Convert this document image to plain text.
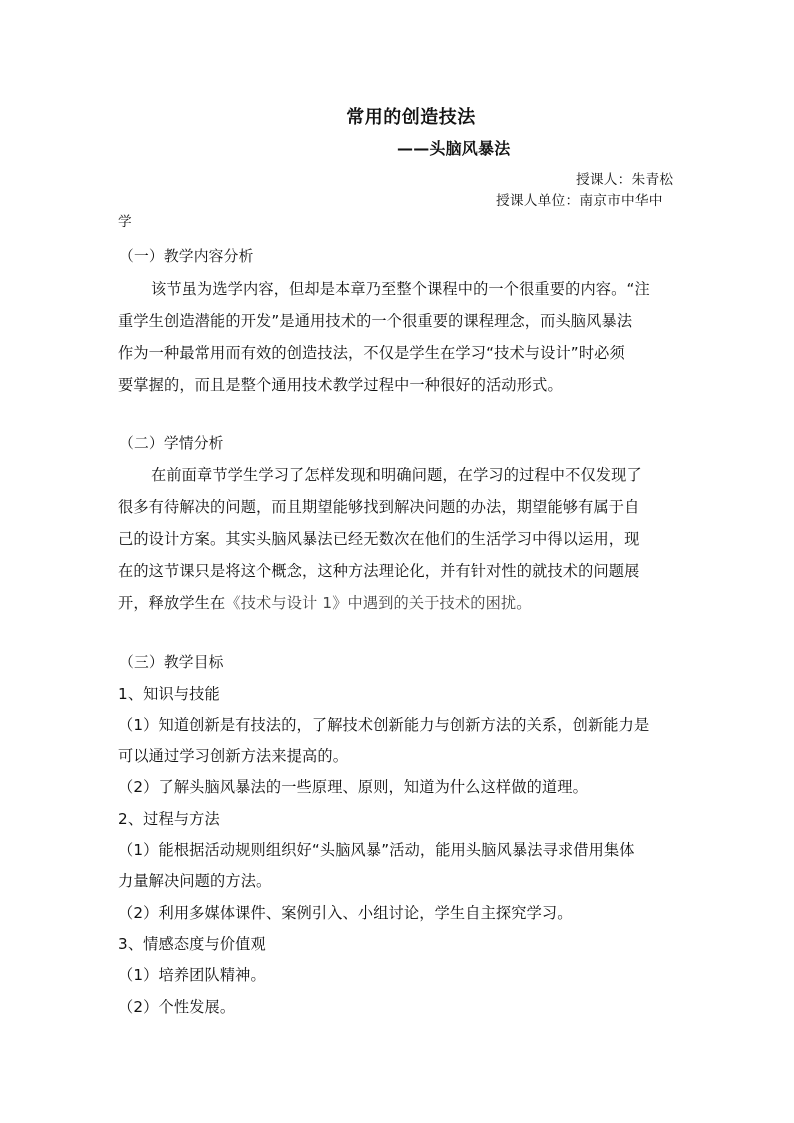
常用的创造技法
——头脑风暴法
授课人：朱青松
授课人单位：南京市中华中
学
（一）教学内容分析
该节虽为选学内容，但却是本章乃至整个课程中的一个很重要的内容。“注
重学生创造潜能的开发”是通用技术的一个很重要的课程理念，而头脑风暴法
作为一种最常用而有效的创造技法，不仅是学生在学习“技术与设计”时必须
要掌握的，而且是整个通用技术教学过程中一种很好的活动形式。
（二）学情分析
在前面章节学生学习了怎样发现和明确问题，在学习的过程中不仅发现了
很多有待解决的问题，而且期望能够找到解决问题的办法，期望能够有属于自
己的设计方案。其实头脑风暴法已经无数次在他们的生活学习中得以运用，现
在的这节课只是将这个概念，这种方法理论化，并有针对性的就技术的问题展
开，释放学生在《技术与设计 1》中遇到的关于技术的困扰。
（三）教学目标
1、知识与技能
（1）知道创新是有技法的，了解技术创新能力与创新方法的关系，创新能力是
可以通过学习创新方法来提高的。
（2）了解头脑风暴法的一些原理、原则，知道为什么这样做的道理。
2、过程与方法
（1）能根据活动规则组织好“头脑风暴”活动，能用头脑风暴法寻求借用集体
力量解决问题的方法。
（2）利用多媒体课件、案例引入、小组讨论，学生自主探究学习。
3、情感态度与价值观
（1）培养团队精神。
（2）个性发展。
